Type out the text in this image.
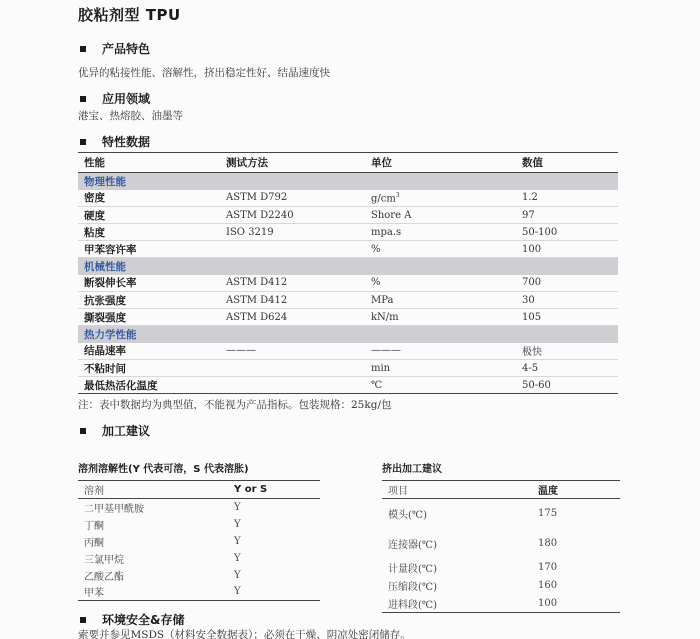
胶粘剂型 TPU
产品特色
优异的粘接性能、溶解性，挤出稳定性好、结晶速度快
应用领域
港宝、热熔胶、油墨等
特性数据
性能	测试方法	单位	数值
物理性能			
密度	ASTM D792	$g/cm^3$	1.2
硬度	ASTM D2240	Shore A	97
粘度	ISO 3219	mpa.s	50-100
甲苯容许率		%	100
机械性能			
断裂伸长率	ASTM D412	%	700
抗张强度	ASTM D412	MPa	30
撕裂强度	ASTM D624	kN/m	105
热力学性能			
结晶速率	———	———	极快
不粘时间		min	4-5
最低热活化温度		℃	50-60
注：表中数据均为典型值，不能视为产品指标。包装规格：25kg/包
加工建议
溶剂溶解性(Y 代表可溶，S 代表溶胀)
溶剂	Y or S
二甲基甲酰胺	Y
丁酮	Y
丙酮	Y
三氯甲烷	Y
乙酸乙酯	Y
甲苯	Y
挤出加工建议
项目	温度
模头(℃)	175
连接器(℃)	180
计量段(℃)	170
压缩段(℃)	160
进料段(℃)	100
环境安全&存储
索要并参见MSDS（材料安全数据表）；必须在干燥、阴凉处密闭储存。
